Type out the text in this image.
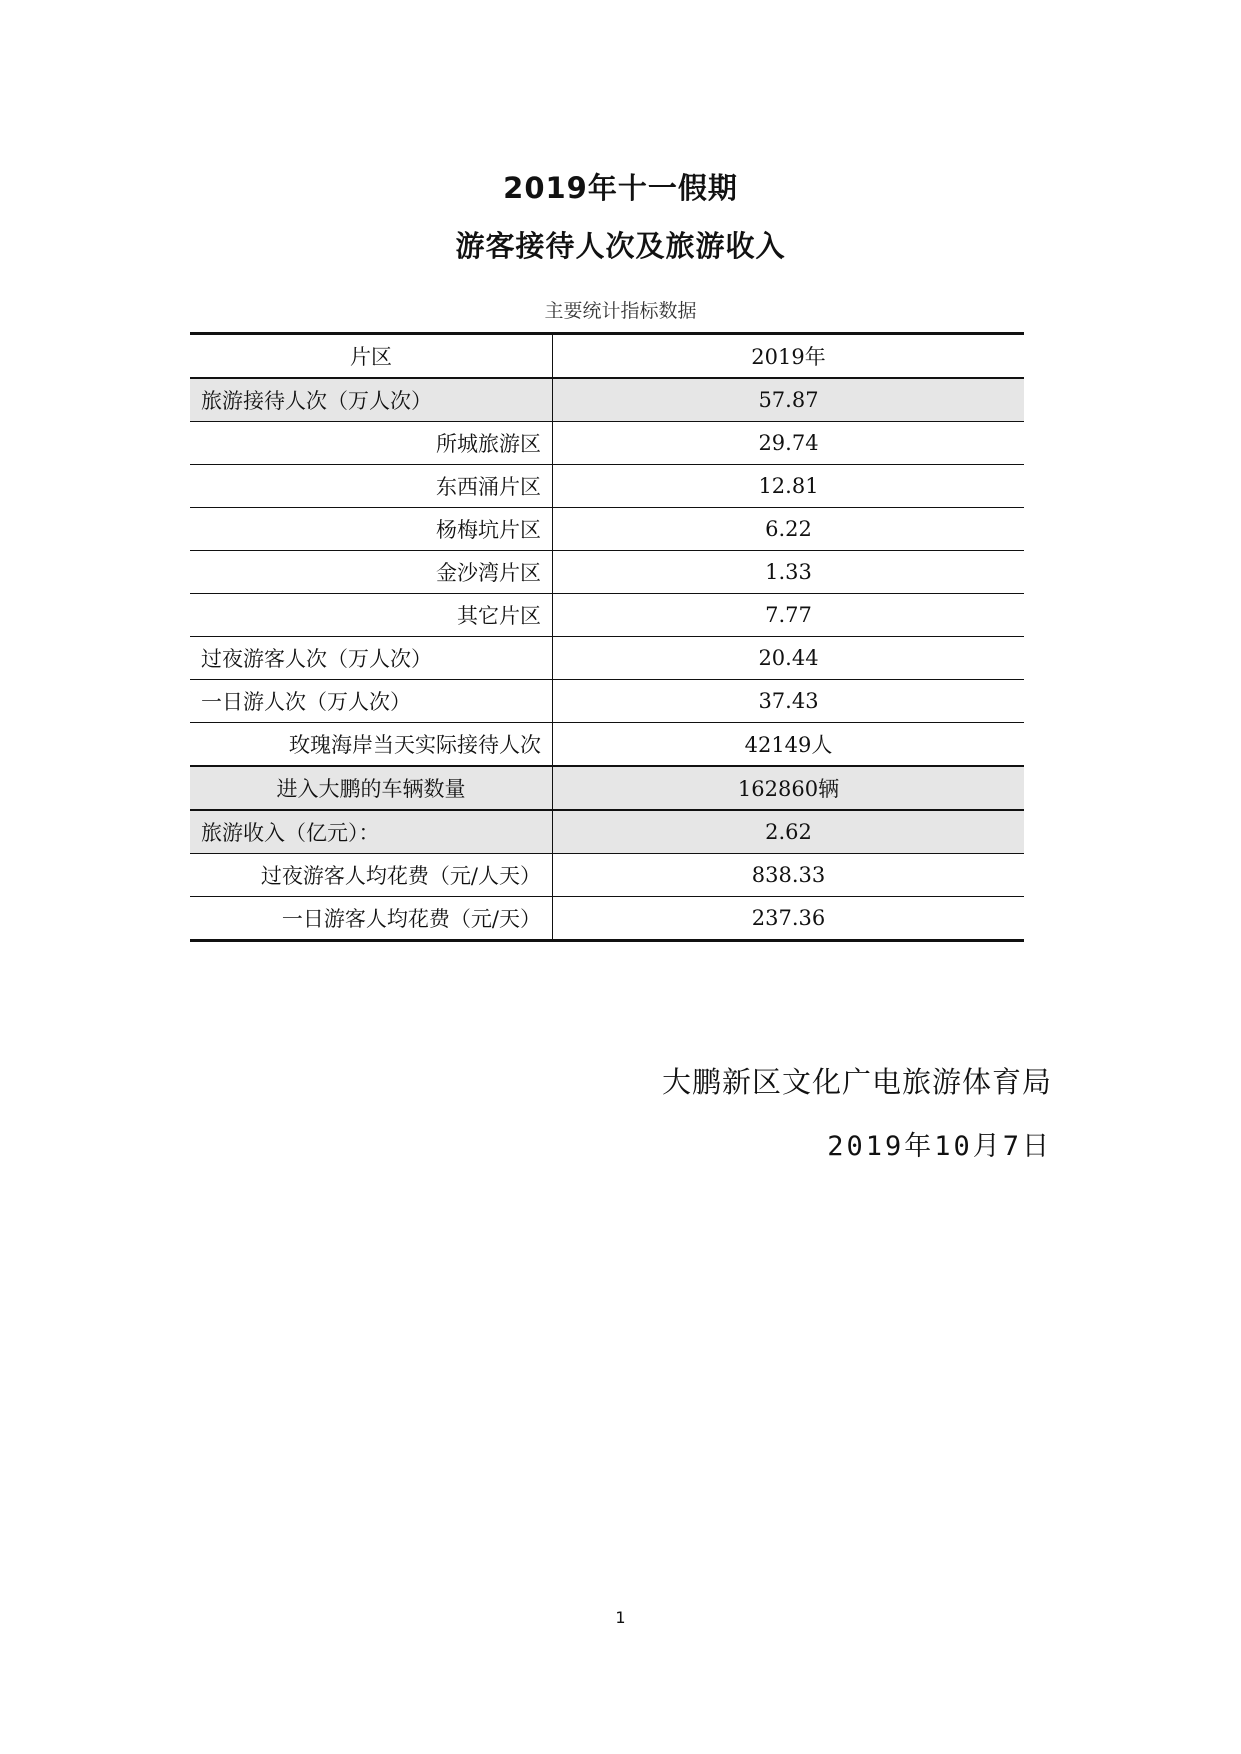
2019年十一假期
游客接待人次及旅游收入
主要统计指标数据
片区	2019年
旅游接待人次（万人次）	57.87
所城旅游区	29.74
东西涌片区	12.81
杨梅坑片区	6.22
金沙湾片区	1.33
其它片区	7.77
过夜游客人次（万人次）	20.44
一日游人次（万人次）	37.43
玫瑰海岸当天实际接待人次	42149人
进入大鹏的车辆数量	162860辆
旅游收入（亿元）：	2.62
过夜游客人均花费（元/人天）	838.33
一日游客人均花费（元/天）	237.36
大鹏新区文化广电旅游体育局
2019年10月7日
1
